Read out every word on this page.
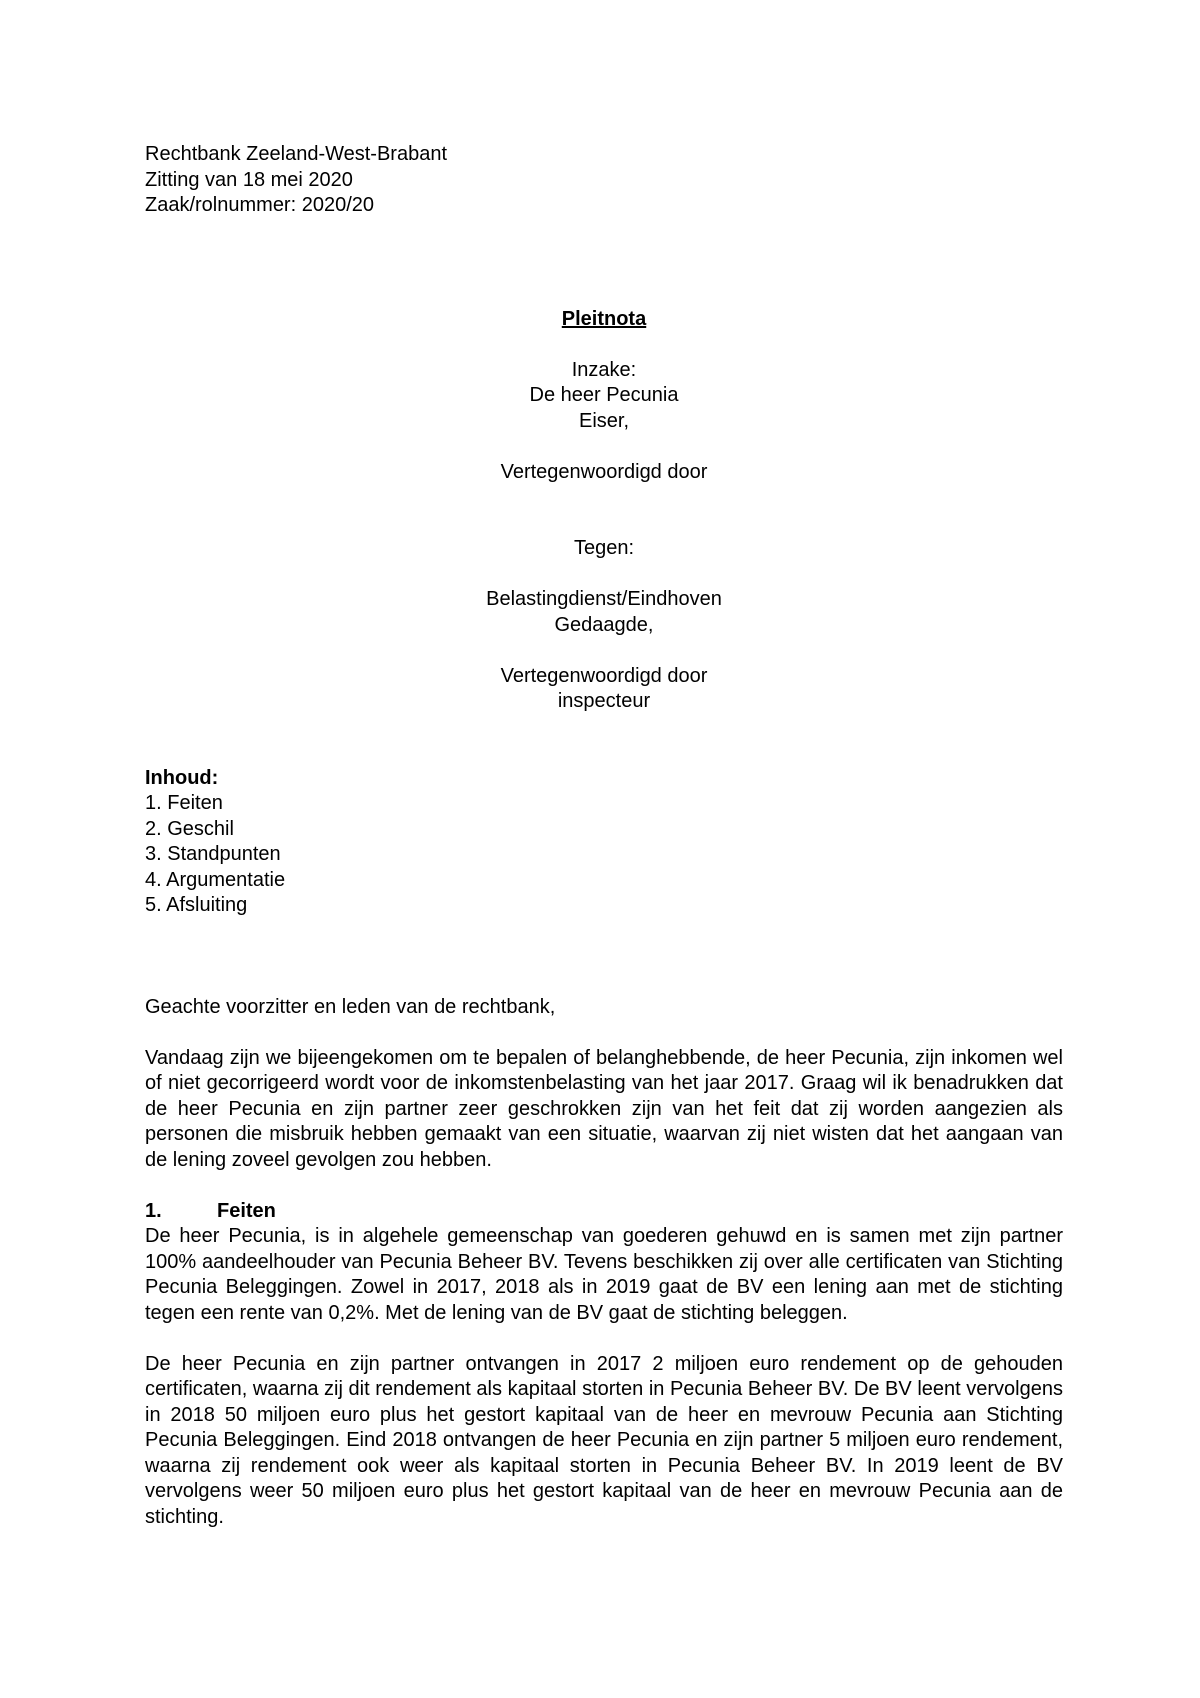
Rechtbank Zeeland-West-Brabant
Zitting van 18 mei 2020
Zaak/rolnummer: 2020/20
Pleitnota
Inzake:
De heer Pecunia
Eiser,
Vertegenwoordigd door
Tegen:
Belastingdienst/Eindhoven
Gedaagde,
Vertegenwoordigd door
inspecteur
Inhoud:
1. Feiten
2. Geschil
3. Standpunten
4. Argumentatie
5. Afsluiting
Geachte voorzitter en leden van de rechtbank,

Vandaag zijn we bijeengekomen om te bepalen of belanghebbende, de heer Pecunia, zijn inkomen wel of niet gecorrigeerd wordt voor de inkomstenbelasting van het jaar 2017. Graag wil ik benadrukken dat de heer Pecunia en zijn partner zeer geschrokken zijn van het feit dat zij worden aangezien als personen die misbruik hebben gemaakt van een situatie, waarvan zij niet wisten dat het aangaan van de lening zoveel gevolgen zou hebben.

1.	Feiten

De heer Pecunia, is in algehele gemeenschap van goederen gehuwd en is samen met zijn partner 100% aandeelhouder van Pecunia Beheer BV. Tevens beschikken zij over alle certificaten van Stichting Pecunia Beleggingen. Zowel in 2017, 2018 als in 2019 gaat de BV een lening aan met de stichting tegen een rente van 0,2%. Met de lening van de BV gaat de stichting beleggen.

De heer Pecunia en zijn partner ontvangen in 2017 2 miljoen euro rendement op de gehouden certificaten, waarna zij dit rendement als kapitaal storten in Pecunia Beheer BV. De BV leent vervolgens in 2018 50 miljoen euro plus het gestort kapitaal van de heer en mevrouw Pecunia aan Stichting Pecunia Beleggingen. Eind 2018 ontvangen de heer Pecunia en zijn partner 5 miljoen euro rendement, waarna zij rendement ook weer als kapitaal storten in Pecunia Beheer BV. In 2019 leent de BV vervolgens weer 50 miljoen euro plus het gestort kapitaal van de heer en mevrouw Pecunia aan de stichting.
